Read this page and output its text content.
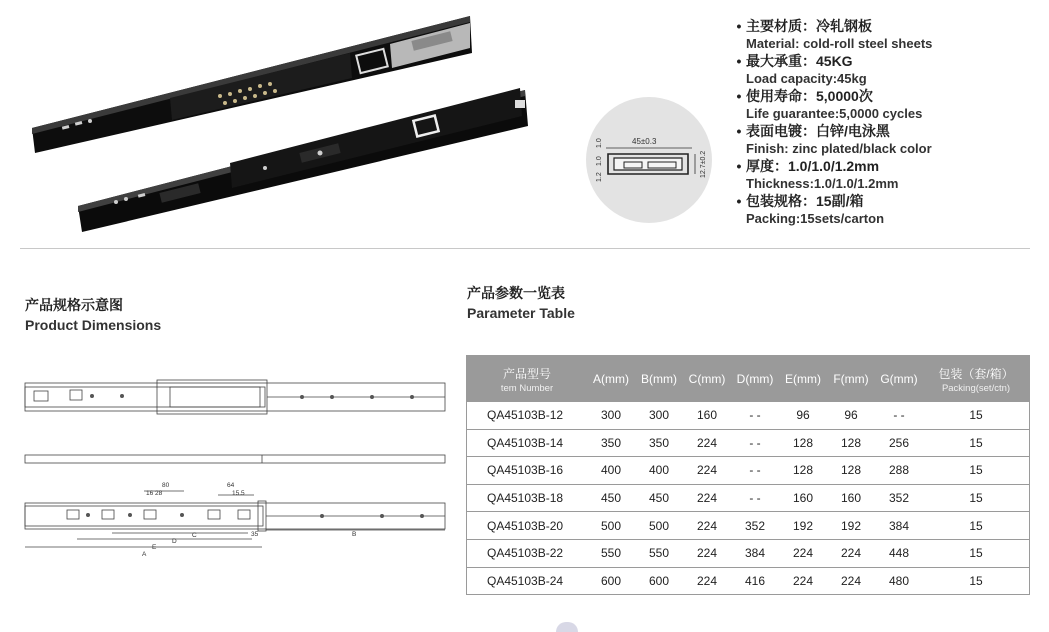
45±0.3
12.7±0.2
1.0
1.0
1.2
• 主要材质：冷轧钢板
Material: cold-roll steel sheets
• 最大承重：45KG
Load capacity:45kg
• 使用寿命：5,0000次
Life guarantee:5,0000 cycles
• 表面电镀：白锌/电泳黑
Finish: zinc plated/black color
• 厚度：1.0/1.0/1.2mm
Thickness:1.0/1.0/1.2mm
• 包装规格：15副/箱
Packing:15sets/carton
产品规格示意图
Product Dimensions
产品参数一览表
Parameter Table
80	64
16 28	15.5
A
B
C
D
E
35
产品型号
tem Number	A(mm)	B(mm)	C(mm)	D(mm)	E(mm)	F(mm)	G(mm)	包装（套/箱）
Packing(set/ctn)

QA45103B-12	300	300	160	- -	96	96	- -	15
QA45103B-14	350	350	224	- -	128	128	256	15
QA45103B-16	400	400	224	- -	128	128	288	15
QA45103B-18	450	450	224	- -	160	160	352	15
QA45103B-20	500	500	224	352	192	192	384	15
QA45103B-22	550	550	224	384	224	224	448	15
QA45103B-24	600	600	224	416	224	224	480	15
